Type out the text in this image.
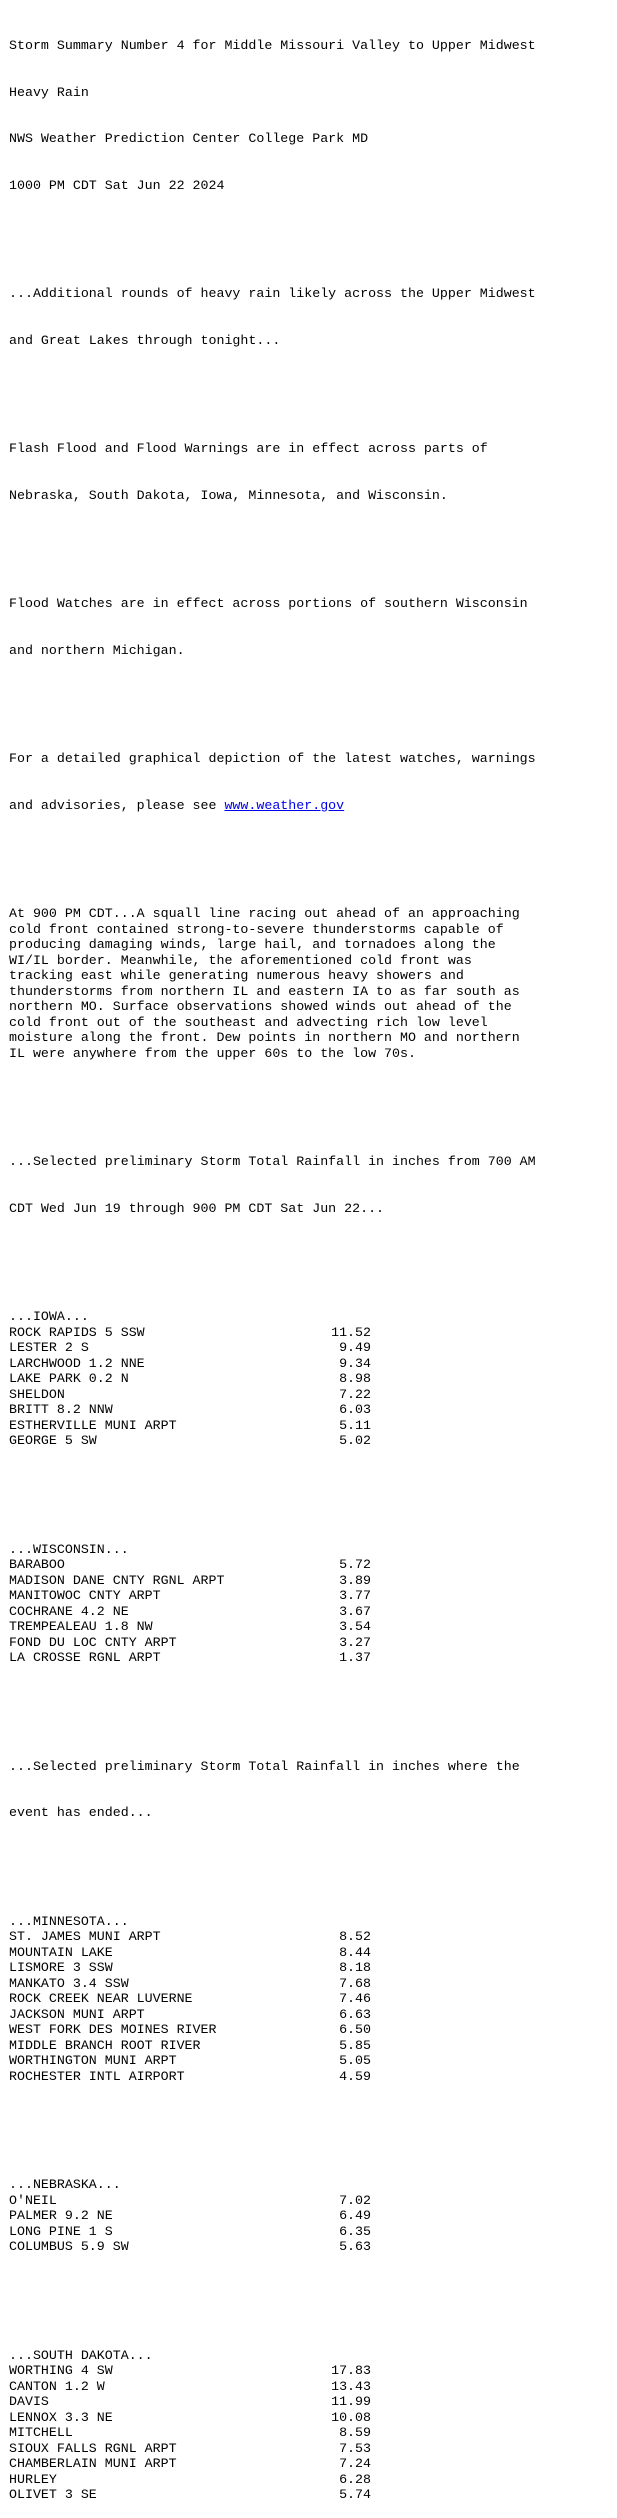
Storm Summary Number 4 for Middle Missouri Valley to Upper Midwest

Heavy Rain

NWS Weather Prediction Center College Park MD

1000 PM CDT Sat Jun 22 2024

...Additional rounds of heavy rain likely across the Upper Midwest

and Great Lakes through tonight...

Flash Flood and Flood Warnings are in effect across parts of

Nebraska, South Dakota, Iowa, Minnesota, and Wisconsin.

Flood Watches are in effect across portions of southern Wisconsin

and northern Michigan.

For a detailed graphical depiction of the latest watches, warnings

and advisories, please see www.weather.gov

At 900 PM CDT...A squall line racing out ahead of an approaching
cold front contained strong-to-severe thunderstorms capable of
producing damaging winds, large hail, and tornadoes along the
WI/IL border. Meanwhile, the aforementioned cold front was
tracking east while generating numerous heavy showers and
thunderstorms from northern IL and eastern IA to as far south as
northern MO. Surface observations showed winds out ahead of the
cold front out of the southeast and advecting rich low level
moisture along the front. Dew points in northern MO and northern
IL were anywhere from the upper 60s to the low 70s.

...Selected preliminary Storm Total Rainfall in inches from 700 AM

CDT Wed Jun 19 through 900 PM CDT Sat Jun 22...

...IOWA...
ROCK RAPIDS 5 SSW	11.52
LESTER 2 S	9.49
LARCHWOOD 1.2 NNE	9.34
LAKE PARK 0.2 N	8.98
SHELDON	7.22
BRITT 8.2 NNW	6.03
ESTHERVILLE MUNI ARPT	5.11
GEORGE 5 SW	5.02

...WISCONSIN...
BARABOO	5.72
MADISON DANE CNTY RGNL ARPT	3.89
MANITOWOC CNTY ARPT	3.77
COCHRANE 4.2 NE	3.67
TREMPEALEAU 1.8 NW	3.54
FOND DU LOC CNTY ARPT	3.27
LA CROSSE RGNL ARPT	1.37

...Selected preliminary Storm Total Rainfall in inches where the

event has ended...

...MINNESOTA...
ST. JAMES MUNI ARPT	8.52
MOUNTAIN LAKE	8.44
LISMORE 3 SSW	8.18
MANKATO 3.4 SSW	7.68
ROCK CREEK NEAR LUVERNE	7.46
JACKSON MUNI ARPT	6.63
WEST FORK DES MOINES RIVER	6.50
MIDDLE BRANCH ROOT RIVER	5.85
WORTHINGTON MUNI ARPT	5.05
ROCHESTER INTL AIRPORT	4.59

...NEBRASKA...
O'NEIL	7.02
PALMER 9.2 NE	6.49
LONG PINE 1 S	6.35
COLUMBUS 5.9 SW	5.63

...SOUTH DAKOTA...
WORTHING 4 SW	17.83
CANTON 1.2 W	13.43
DAVIS	11.99
LENNOX 3.3 NE	10.08
MITCHELL	8.59
SIOUX FALLS RGNL ARPT	7.53
CHAMBERLAIN MUNI ARPT	7.24
HURLEY	6.28
OLIVET 3 SE	5.74
